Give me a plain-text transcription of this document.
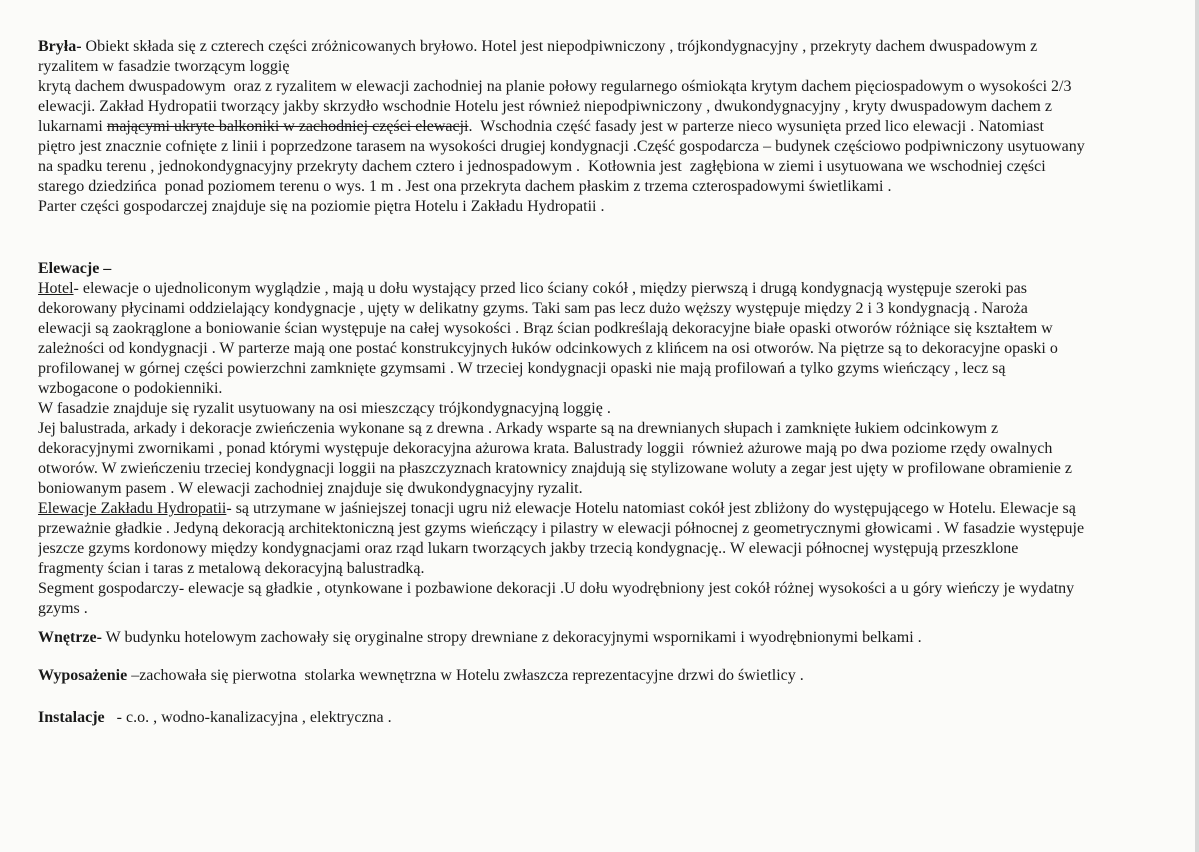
Bryła- Obiekt składa się z czterech części zróżnicowanych bryłowo. Hotel jest niepodpiwniczony , trójkondygnacyjny , przekryty dachem dwuspadowym z
ryzalitem w fasadzie tworzącym loggię
krytą dachem dwuspadowym  oraz z ryzalitem w elewacji zachodniej na planie połowy regularnego ośmiokąta krytym dachem pięciospadowym o wysokości 2/3
elewacji. Zakład Hydropatii tworzący jakby skrzydło wschodnie Hotelu jest również niepodpiwniczony , dwukondygnacyjny , kryty dwuspadowym dachem z
lukarnami mającymi ukryte balkoniki w zachodniej części elewacji.  Wschodnia część fasady jest w parterze nieco wysunięta przed lico elewacji . Natomiast
piętro jest znacznie cofnięte z linii i poprzedzone tarasem na wysokości drugiej kondygnacji .Część gospodarcza – budynek częściowo podpiwniczony usytuowany
na spadku terenu , jednokondygnacyjny przekryty dachem cztero i jednospadowym .  Kotłownia jest  zagłębiona w ziemi i usytuowana we wschodniej części
starego dziedzińca  ponad poziomem terenu o wys. 1 m . Jest ona przekryta dachem płaskim z trzema czterospadowymi świetlikami .
Parter części gospodarczej znajduje się na poziomie piętra Hotelu i Zakładu Hydropatii .
Elewacje –
Hotel- elewacje o ujednoliconym wyglądzie , mają u dołu wystający przed lico ściany cokół , między pierwszą i drugą kondygnacją występuje szeroki pas
dekorowany płycinami oddzielający kondygnacje , ujęty w delikatny gzyms. Taki sam pas lecz dużo węższy występuje między 2 i 3 kondygnacją . Naroża
elewacji są zaokrąglone a boniowanie ścian występuje na całej wysokości . Brąz ścian podkreślają dekoracyjne białe opaski otworów różniące się kształtem w
zależności od kondygnacji . W parterze mają one postać konstrukcyjnych łuków odcinkowych z klińcem na osi otworów. Na piętrze są to dekoracyjne opaski o
profilowanej w górnej części powierzchni zamknięte gzymsami . W trzeciej kondygnacji opaski nie mają profilowań a tylko gzyms wieńczący , lecz są
wzbogacone o podokienniki.
W fasadzie znajduje się ryzalit usytuowany na osi mieszczący trójkondygnacyjną loggię .
Jej balustrada, arkady i dekoracje zwieńczenia wykonane są z drewna . Arkady wsparte są na drewnianych słupach i zamknięte łukiem odcinkowym z
dekoracyjnymi zwornikami , ponad którymi występuje dekoracyjna ażurowa krata. Balustrady loggii  również ażurowe mają po dwa poziome rzędy owalnych
otworów. W zwieńczeniu trzeciej kondygnacji loggii na płaszczyznach kratownicy znajdują się stylizowane woluty a zegar jest ujęty w profilowane obramienie z
boniowanym pasem . W elewacji zachodniej znajduje się dwukondygnacyjny ryzalit.
Elewacje Zakładu Hydropatii- są utrzymane w jaśniejszej tonacji ugru niż elewacje Hotelu natomiast cokół jest zbliżony do występującego w Hotelu. Elewacje są
przeważnie gładkie . Jedyną dekoracją architektoniczną jest gzyms wieńczący i pilastry w elewacji północnej z geometrycznymi głowicami . W fasadzie występuje
jeszcze gzyms kordonowy między kondygnacjami oraz rząd lukarn tworzących jakby trzecią kondygnację.. W elewacji północnej występują przeszklone
fragmenty ścian i taras z metalową dekoracyjną balustradką.
Segment gospodarczy- elewacje są gładkie , otynkowane i pozbawione dekoracji .U dołu wyodrębniony jest cokół różnej wysokości a u góry wieńczy je wydatny
gzyms .
Wnętrze- W budynku hotelowym zachowały się oryginalne stropy drewniane z dekoracyjnymi wspornikami i wyodrębnionymi belkami .
Wyposażenie –zachowała się pierwotna  stolarka wewnętrzna w Hotelu zwłaszcza reprezentacyjne drzwi do świetlicy .
Instalacje   - c.o. , wodno-kanalizacyjna , elektryczna .
